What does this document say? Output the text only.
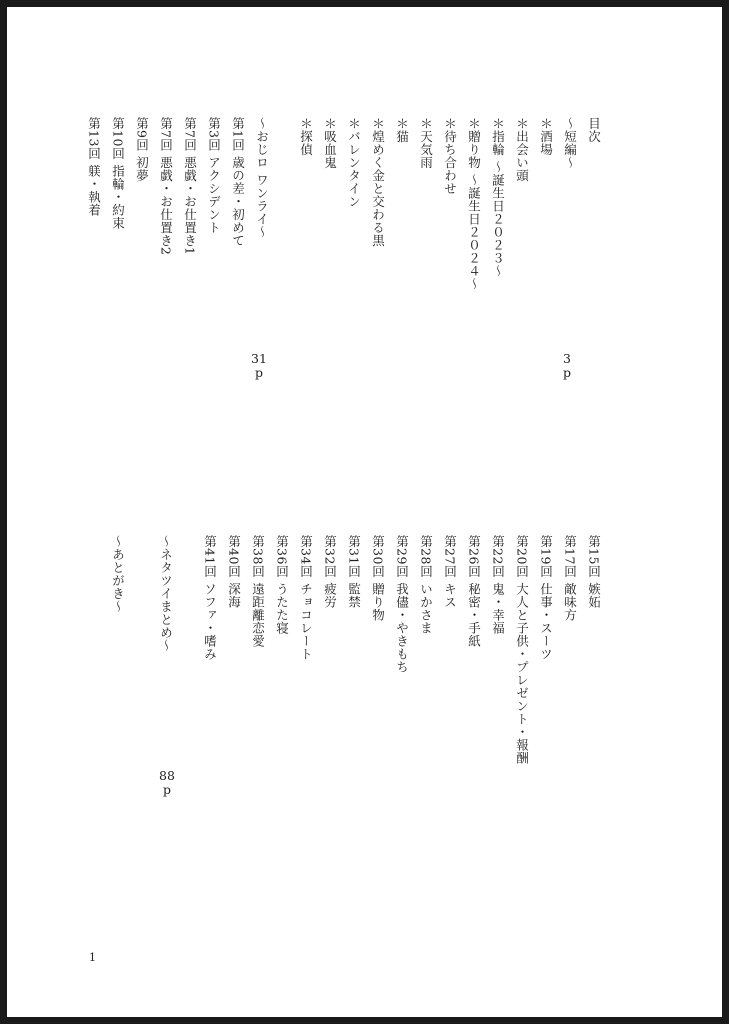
目次
〜短編〜
＊酒場
＊出会い頭
＊指輪 〜誕生日２０２３〜
＊贈り物 〜誕生日２０２４〜
＊待ち合わせ
＊天気雨
＊猫
＊煌めく金と交わる黒
＊バレンタイン
＊吸血鬼
＊探偵
〜おじロ ワンライ〜
第1回 歳の差・初めて
第3回 アクシデント
第7回 悪戯・お仕置き1
第7回 悪戯・お仕置き2
第9回 初夢
第10回 指輪・約束
第13回 躾・執着
3
p
31
p
第15回 嫉妬
第17回 敵味方
第19回 仕事・スーツ
第20回 大人と子供・プレゼント・報酬
第22回 鬼・幸福
第26回 秘密・手紙
第27回 キス
第28回 いかさま
第29回 我儘・やきもち
第30回 贈り物
第31回 監禁
第32回 疲労
第34回 チョコレート
第36回 うたた寝
第38回 遠距離恋愛
第40回 深海
第41回 ソファ・嗜み
〜ネタツイまとめ〜
〜あとがき〜
88
p
1
